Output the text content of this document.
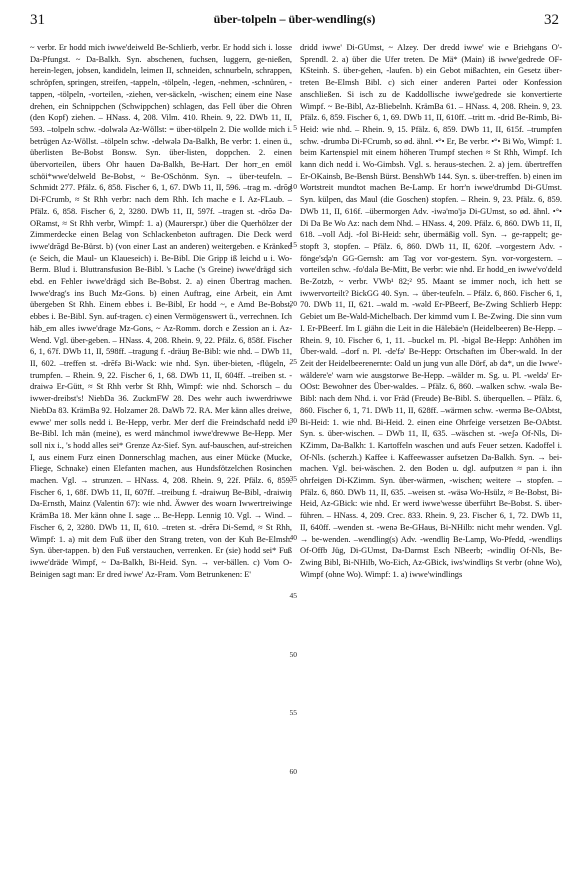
31	über-tolpeln – über-wendling(s)	32

~ verbr. Er hodd mich iwwe'deiweld Be-Schlierb, verbr. Er hodd sich i. losse Da-Pfungst. ~ Da-Balkh. Syn. abschenen, fuchsen, luggern, ge-nießen, herein-legen, jobsen, kandideln, leimen II, schneiden, schnurbeln, schrappen, schröpfen, springen, streifen, -tappeln, -tölpeln, -legen, -nehmen, -schnüren, -tappen, -tölpeln, -vorteilen, -ziehen, ver-säckeln, -wischen; einem eine Nase drehen, ein Schnippchen (Schwippchen) schlagen, das Fell über die Ohren (den Kopf) ziehen. – HNass. 4, 208. Vilm. 410. Rhein. 9, 22. DWb 11, II, 593. –tolpeln schw. -dolwələ Az-Wöllst: = über-tölpeln 2. Die wollde mich i. betrügen Az-Wöllst. –tölpeln schw. -delwələ Da-Balkh, Be verbr: 1. einen ü., überlisten Be-Bobst Bonsw. Syn. über-listen, doppchen. 2. einen übervorteilen, übers Ohr hauen Da-Balkh, Be-Hart. Der horr_en emöl schöi*wwe'delweld Be-Bobst, ~ Be-OSchönm. Syn. → über-teufeln. – Schmidt 277. Pfälz. 6, 858. Fischer 6, 1, 67. DWb 11, II, 596. –trag m. -drōg Di-FCrumb, ≈ St Rhh verbr: nach dem Rhh. Ich mache e I. Az-FLaub. – Pfälz. 6, 858. Fischer 6, 2, 3280. DWb 11, II, 597f. –tragen st. -drōə Da-ORamst, ≈ St Rhh verbr, Wimpf: 1. a) (Maurerspr.) über die Querhölzer der Zimmerdecke einen Belag von Schlackenbeton auftragen. Die Deck werd iwwe'drāgd Be-Bürst. b) (von einer Last an anderen) weitergeben. e Kränked (e Seich, die Maul- un Klaueseich) i. Be-Bibl. Die Gripp iß leichd u i. Wo-Berm. Blud i. Bluttransfusion Be-Bibl. 's Lache ('s Greine) iwwe'drägd sich ebd. en Fehler iwwe'drägd sich Be-Bobst. 2. a) einen Übertrag machen. Iwwe'drag's ins Buch Mz-Gons. b) einen Auftrag, eine Arbeit, ein Amt übergeben St Rhh. Einem ebbes i. Be-Bibl, Er hodd ~, e Amd Be-Bobst, ebbes i. Be-Bibl. Syn. auf-tragen. c) einen Vermögenswert ü., verrechnen. Ich häb_em alles iwwe'drage Mz-Gons, ~ Az-Romm. dorch e Zession an i. Az-Wend. Vgl. über-geben. – HNass. 4, 208. Rhein. 9, 22. Pfälz. 6, 858f. Fischer 6, 1, 67f. DWb 11, II, 598ff. –tragung f. -dräuŋ Be-Bibl: wie nhd. – DWb 11, II, 602. –treffen st. -drēfə Bi-Wack: wie nhd. Syn. über-bieten, -flügeln, -trumpfen. – Rhein. 9, 22. Fischer 6, 1, 68. DWb 11, II, 604ff. –treiben st. -draiwə Er-Gütt, ≈ St Rhh verbr St Rhh, Wimpf: wie nhd. Schorsch – du iwwer-dreibst's! NiebDa 36. ZuckmFW 28. Des wehr auch iwwerdriwwe NiebDa 83. KrämBa 92. Holzamer 28. DaWb 72. RA. Mer känn alles dreiwe, ewwe' mer solls nedd i. Be-Hepp, verbr. Mer derf die Freindschafd nedd i. Be-Bibl. Ich män (meine), es werd mänchmol iwwe'drewwe Be-Hepp. Mer soll nix i., 's hodd alles sei* Grenze Az-Sief. Syn. auf-bauschen, auf-streichen I, aus einem Furz einen Donnerschlag machen, aus einer Mücke (Mucke, Fliege, Schnake) einen Elefanten machen, aus Hundsfötzelchen Rosinchen machen. Vgl. → strunzen. – HNass. 4, 208. Rhein. 9, 22f. Pfälz. 6, 859. Fischer 6, 1, 68f. DWb 11, II, 607ff. –treibung f. -draiwuŋ Be-Bibl, -draiwiŋ Da-Ernsth, Mainz (Valentin 67): wie nhd. Äwwer des woarn Iwwertreiwinge KrämBa 18. Mer känn ohne I. sage ... Be-Hepp. Lennig 10. Vgl. → Wind. – Fischer 6, 2, 3280. DWb 11, II, 610. –treten st. -drērə Di-Semd, ≈ St Rhh, Wimpf: 1. a) mit dem Fuß über den Strang treten, von der Kuh Be-Elmsh. Syn. über-tappen. b) den Fuß verstauchen, verrenken. Er (sie) hodd sei* Fuß iwwe'dräde Wimpf, ~ Da-Balkh, Bi-Heid. Syn. → ver-bällen. c) Vom O-Beinigen sagt man: Er dred iwwe' Az-Fram. Vom Betrunkenen: E'

5
10
15
20
25
30
35
40
45
50
55
60

dridd iwwe' Di-GUmst, ~ Alzey. Der dredd iwwe' wie e Briehgans O'-Sprendl. 2. a) über die Ufer treten. De Mä* (Main) iß iwwe'gedrede OF-KSteinh. S. über-gehen, -laufen. b) ein Gebot mißachten, ein Gesetz übertreten Be-Elmsh Bibl. c) sich einer anderen Partei oder Konfession anschließen. Si isch zu de Kaddollische iwwe'gedrede sie konvertierte Wimpf. ~ Be-Bibl, Az-Bliebelnh. KrämBa 61. – HNass. 4, 208. Rhein. 9, 23. Pfälz. 6, 859. Fischer 6, 1, 69. DWb 11, II, 610ff. –tritt m. -drid Be-Rimb, Bi-Heid: wie nhd. – Rhein. 9, 15. Pfälz. 6, 859. DWb 11, II, 615f. –trumpfen schw. -drumbə Di-FCrumb, so ød. ähnl. •°• Er, Be verbr. •°• Bi Wo, Wimpf: 1. beim Kartenspiel mit einem höheren Trumpf stechen ≈ St Rhh, Wimpf. Ich kann dich nedd i. Wo-Gimbsh. Vgl. s. heraus-stechen. 2. a) jem. übertreffen Er-OKainsb, Be-Bensh Bürst. BenshWb 144. Syn. s. über-treffen. b) einen im Wortstreit mundtot machen Be-Lamp. Er horr'n iwwe'drumbd Di-GUmst. Syn. külpen, das Maul (die Goschen) stopfen. – Rhein. 9, 23. Pfälz. 6, 859. DWb 11, II, 616f. –übermorgen Adv. -iwə'mo'jə Di-GUmst, so ød. ähnl. •°• Di Da Be Wo Az: nach dem Nhd. – HNass. 4, 209. Pfälz. 6, 860. DWb 11, II, 618. –voll Adj. -fol Bi-Heid: sehr, übermäßig voll. Syn. → ge-rappelt; ge-stopft 3, stopfen. – Pfälz. 6, 860. DWb 11, II, 620f. –vorgestern Adv. -fönge'sd̥ə'n GG-Gernsh: am Tag vor vor-gestern. Syn. vor-vorgestern. –vorteilen schw. -fo'dalə Be-Mitt, Be verbr: wie nhd. Er hodd_en iwwe'vo'deld Be-Zotzb, ~ verbr. VWb¹ 82;² 95. Maant se immer noch, ich hett se iwwervorteilt? BickGG 40. Syn. → über-teufeln. – Pfälz. 6, 860. Fischer 6, 1, 70. DWb 11, II, 621. –wald m. -wəld Er-PBeerf, Be-Zwing Schlierb Hepp: Gebiet um Be-Wald-Michelbach. Der kimmd vum I. Be-Zwing. Die sinn vum I. Er-PBeerf. Im I. giähn die Leit in die Hälebäe'n (Heidelbeeren) Be-Hepp. – Rhein. 9, 10. Fischer 6, 1, 11. –buckel m. Pl. -bigəl Be-Hepp: Anhöhen im Über-wald. –dorf n. Pl. -de'fə' Be-Hepp: Ortschaften im Über-wald. In der Zeit der Heidelbeerenernte: Oald un jung vun alle Dörf, ab da*, un die Iwwe'wäldere'e' warn wie ausgstorwe Be-Hepp. –wälder m. Sg. u. Pl. -weldə' Er-OOst: Bewohner des Über-waldes. – Pfälz. 6, 860. –walken schw. -walə Be-Bibl: nach dem Nhd. i. vor Fräd (Freude) Be-Bibl. S. überquellen. – Pfälz. 6, 860. Fischer 6, 1, 71. DWb 11, II, 628ff. –wärmen schw. -wermə Be-OAbtst, Bi-Heid: 1. wie nhd. Bi-Heid. 2. einen eine Ohrfeige versetzen Be-OAbtst. Syn. s. über-wischen. – DWb 11, II, 635. –wäschen st. -weʃə Of-Nls, Di-KZimm, Da-Balkh: 1. Kartoffeln waschen und aufs Feuer setzen. Kadoffel i. Of-Nls. (scherzh.) Kaffee i. Kaffeewasser aufsetzen Da-Balkh. Syn. → bei-machen. Vgl. bei-wäschen. 2. den Boden u. dgl. aufputzen ≈ pan i. ihn ohrfeigen Di-KZimm. Syn. über-wärmen, -wischen; weitere → stopfen. – Pfälz. 6, 860. DWb 11, II, 635. –weisen st. -wäsə Wo-Hsülz, ≈ Be-Bobst, Bi-Heid, Az-GBick: wie nhd. Er werd iwwe'wesse überführt Be-Bobst. S. über-führen. – HNass. 4, 209. Crec. 833. Rhein. 9, 23. Fischer 6, 1, 72. DWb 11, II, 640ff. –wenden st. -wenə Be-GHaus, Bi-NHilb: nicht mehr wenden. Vgl. → be-wenden. –wendling(s) Adv. -wendliŋ Be-Lamp, Wo-Pfedd, -wendliŋs Of-Offb Jüg, Di-GUmst, Da-Darmst Esch NBeerb; -windliŋ Of-Nls, Be-Zwing Bibl, Bi-NHilb, Wo-Eich, Az-GBick, iws'windliŋs St verbr (ohne Wo), Wimpf (ohne Wo). Wimpf: 1. a) iwwe'windlings
